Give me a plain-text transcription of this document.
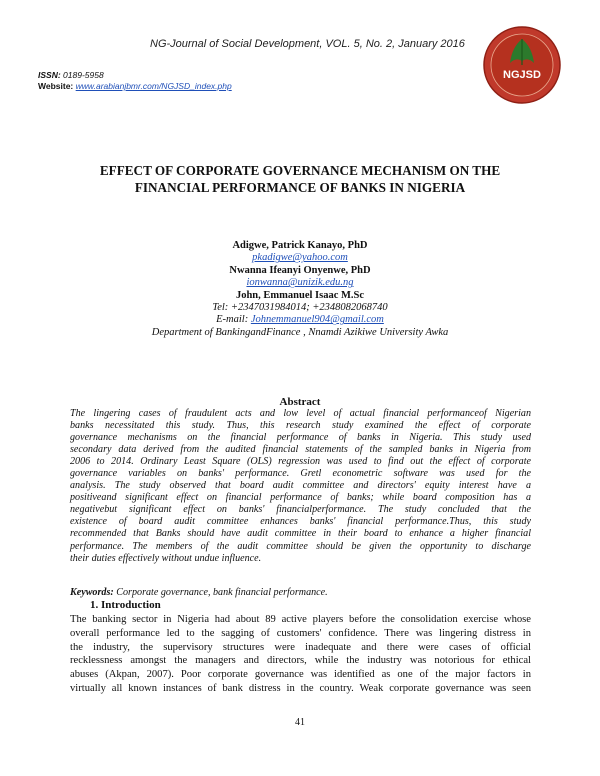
NG-Journal of Social Development, VOL. 5, No. 2, January 2016
ISSN: 0189-5958
Website: www.arabianjbmr.com/NGJSD_index.php
NGJSD
EFFECT OF CORPORATE GOVERNANCE MECHANISM ON THE
FINANCIAL PERFORMANCE OF BANKS IN NIGERIA
Adigwe, Patrick Kanayo, PhD
pkadigwe@yahoo.com
Nwanna Ifeanyi Onyenwe, PhD
ionwanna@unizik.edu.ng
John, Emmanuel Isaac M.Sc
Tel: +2347031984014; +2348082068740
E-mail: Johnemmanuel904@gmail.com
Department of BankingandFinance , Nnamdi Azikiwe University Awka
Abstract
The lingering cases of fraudulent acts and low level of actual financial performanceof Nigerian
banks necessitated this study. Thus, this research study examined the effect of corporate
governance mechanisms on the financial performance of banks in Nigeria. This study used
secondary data derived from the audited financial statements of the sampled banks in Nigeria from
2006 to 2014. Ordinary Least Square (OLS) regression was used to find out the effect of corporate
governance variables on banks' performance. Gretl econometric software was used for the
analysis. The study observed that board audit committee and directors' equity interest have a
positiveand significant effect on financial performance of banks; while board composition has a
negativebut significant effect on banks' financialperformance. The study concluded that the
existence of board audit committee enhances banks' financial performance.Thus, this study
recommended that Banks should have audit committee in their board to enhance a higher financial
performance. The members of the audit committee should be given the opportunity to discharge
their duties effectively without undue influence.
Keywords: Corporate governance, bank financial performance.
1. Introduction
The banking sector in Nigeria had about 89 active players before the consolidation exercise whose
overall performance led to the sagging of customers' confidence. There was lingering distress in
the industry, the supervisory structures were inadequate and there were cases of official
recklessness amongst the managers and directors, while the industry was notorious for ethical
abuses (Akpan, 2007). Poor corporate governance was identified as one of the major factors in
virtually all known instances of bank distress in the country. Weak corporate governance was seen
41
